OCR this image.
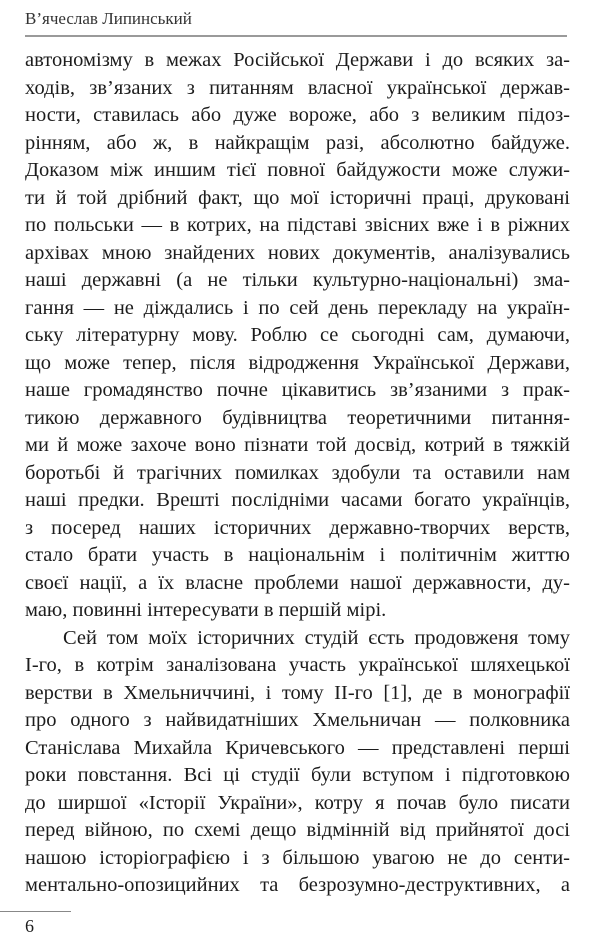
В’ячеслав Липинський
автономізму в межах Російської Держави і до всяких за-
ходів, зв’язаних з питанням власної української держав-
ности, ставилась або дуже вороже, або з великим підоз-
рінням, або ж, в найкращім разі, абсолютно байдуже.
Доказом між иншим тієї повної байдужости може служи-
ти й той дрібний факт, що мої історичні праці, друковані
по польськи — в котрих, на підставі звісних вже і в ріжних
архівах мною знайдених нових документів, аналізувались
наші державні (а не тільки культурно-національні) зма-
гання — не діждались і по сей день перекладу на україн-
ську літературну мову. Роблю се сьогодні сам, думаючи,
що може тепер, після відродження Української Держави,
наше громадянство почне цікавитись зв’язаними з прак-
тикою державного будівництва теоретичними питання-
ми й може захоче воно пізнати той досвід, котрий в тяжкій
боротьбі й трагічних помилках здобули та оставили нам
наші предки. Врешті послідніми часами богато українців,
з посеред наших історичних державно-творчих верств,
стало брати участь в національнім і політичнім життю
своєї нації, а їх власне проблеми нашої державности, ду-
маю, повинні інтересувати в першій мірі.
Сей том моїх історичних студій єсть продовженя тому
І-го, в котрім заналізована участь української шляхецької
верстви в Хмельниччині, і тому ІІ-го [1], де в монографії
про одного з найвидатніших Хмельничан — полковника
Станіслава Михайла Кричевського — представлені перші
роки повстання. Всі ці студії були вступом і підготовкою
до ширшої «Історії України», котру я почав було писати
перед війною, по схемі дещо відмінній від прийнятої досі
нашою історіографією і з більшою увагою не до сенти-
ментально-опозицийних та безрозумно-деструктивних, а
6
